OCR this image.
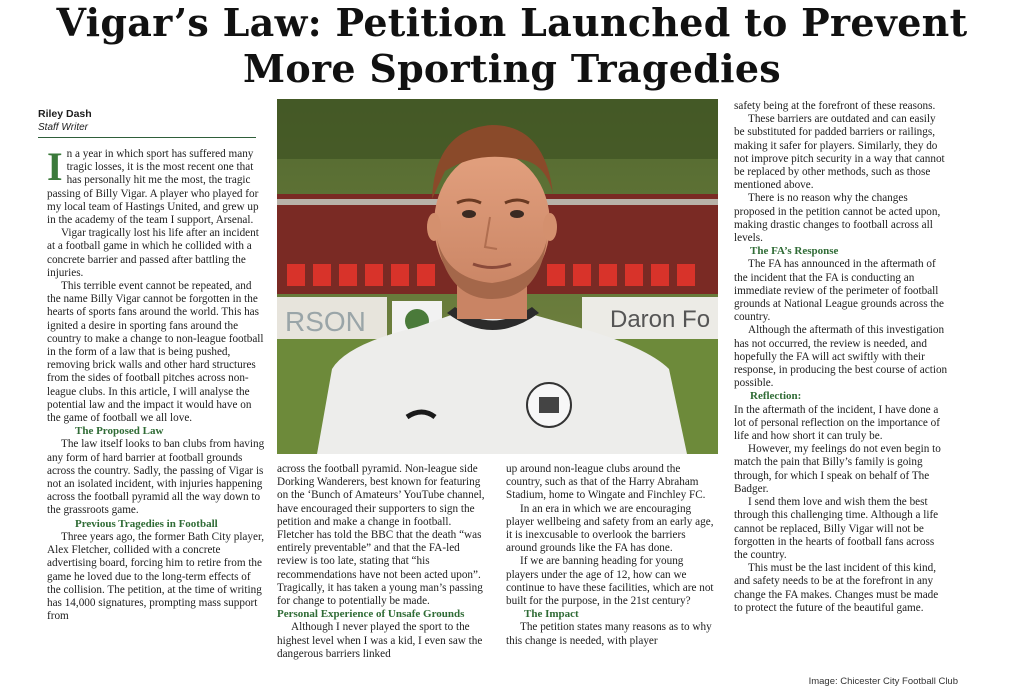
Vigar’s Law: Petition Launched to Prevent
More Sporting Tragedies
Riley Dash
Staff Writer
I n a year in which sport has suffered many tragic losses, it is the most recent one that has personally hit me the most, the tragic passing of Billy Vigar. A player who played for my local team of Hastings United, and grew up in the academy of the team I support, Arsenal.

Vigar tragically lost his life after an incident at a football game in which he collided with a concrete barrier and passed after battling the injuries.

This terrible event cannot be repeated, and the name Billy Vigar cannot be forgotten in the hearts of sports fans around the world. This has ignited a desire in sporting fans around the country to make a change to non-league football in the form of a law that is being pushed, removing brick walls and other hard structures from the sides of football pitches across non-league clubs. In this article, I will analyse the potential law and the impact it would have on the game of football we all love.

The Proposed Law

The law itself looks to ban clubs from having any form of hard barrier at football grounds across the country. Sadly, the passing of Vigar is not an isolated incident, with injuries happening across the football pyramid all the way down to the grassroots game.

Previous Tragedies in Football

Three years ago, the former Bath City player, Alex Fletcher, collided with a concrete advertising board, forcing him to retire from the game he loved due to the long-term effects of the collision. The petition, at the time of writing has 14,000 signatures, prompting mass support from

RSON	Daron Fo

across the football pyramid. Non-league side Dorking Wanderers, best known for featuring on the ‘Bunch of Amateurs’ YouTube channel, have encouraged their supporters to sign the petition and make a change in football. Fletcher has told the BBC that the death “was entirely preventable” and that the FA-led review is too late, stating that “his recommendations have not been acted upon”. Tragically, it has taken a young man’s passing for change to potentially be made.

Personal Experience of Unsafe Grounds

Although I never played the sport to the highest level when I was a kid, I even saw the dangerous barriers linked

up around non-league clubs around the country, such as that of the Harry Abraham Stadium, home to Wingate and Finchley FC.

In an era in which we are encouraging player wellbeing and safety from an early age, it is inexcusable to overlook the barriers around grounds like the FA has done.

If we are banning heading for young players under the age of 12, how can we continue to have these facilities, which are not built for the purpose, in the 21st century?

The Impact

The petition states many reasons as to why this change is needed, with player

safety being at the forefront of these reasons.

These barriers are outdated and can easily be substituted for padded barriers or railings, making it safer for players. Similarly, they do not improve pitch security in a way that cannot be replaced by other methods, such as those mentioned above.

There is no reason why the changes proposed in the petition cannot be acted upon, making drastic changes to football across all levels.

The FA’s Response

The FA has announced in the aftermath of the incident that the FA is conducting an immediate review of the perimeter of football grounds at National League grounds across the country.

Although the aftermath of this investigation has not occurred, the review is needed, and hopefully the FA will act swiftly with their response, in producing the best course of action possible.

Reflection:

In the aftermath of the incident, I have done a lot of personal reflection on the importance of life and how short it can truly be.

However, my feelings do not even begin to match the pain that Billy’s family is going through, for which I speak on behalf of The Badger.

I send them love and wish them the best through this challenging time. Although a life cannot be replaced, Billy Vigar will not be forgotten in the hearts of football fans across the country.

This must be the last incident of this kind, and safety needs to be at the forefront in any change the FA makes. Changes must be made to protect the future of the beautiful game.

Image: Chicester City Football Club
